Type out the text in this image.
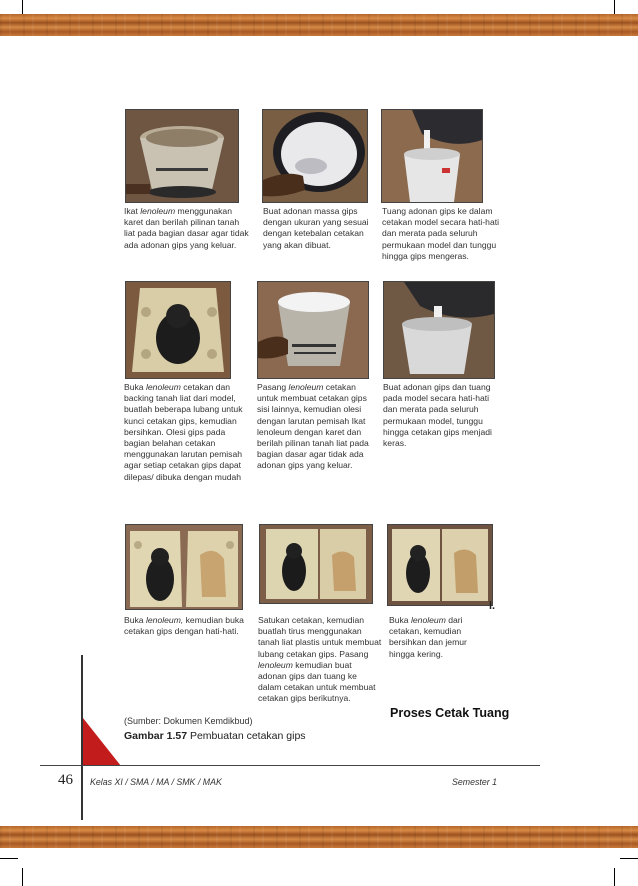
Ikat lenoleum menggunakan karet dan berilah pilinan tanah liat pada bagian dasar agar tidak ada adonan gips yang keluar.
Buat adonan massa gips dengan ukuran yang sesuai dengan ketebalan cetakan yang akan dibuat.
Tuang adonan gips ke dalam cetakan model secara hati-hati dan merata pada seluruh permukaan model dan tunggu hingga gips mengeras.
Buka lenoleum cetakan dan backing tanah liat dari model, buatlah beberapa lubang untuk kunci cetakan gips, kemudian bersihkan. Olesi gips pada bagian belahan cetakan menggunakan larutan pemisah agar setiap cetakan gips dapat dilepas/ dibuka dengan mudah
Pasang lenoleum cetakan untuk membuat cetakan gips sisi lainnya, kemudian olesi dengan larutan pemisah Ikat lenoleum dengan karet dan berilah pilinan tanah liat pada bagian dasar agar tidak ada adonan gips yang keluar.
Buat adonan gips dan tuang pada model secara hati-hati dan merata pada seluruh permukaan model, tunggu hingga cetakan gips menjadi keras.
Buka lenoleum, kemudian buka cetakan gips dengan hati-hati.
Satukan cetakan, kemudian buatlah tirus menggunakan tanah liat plastis untuk membuat lubang cetakan gips. Pasang lenoleum kemudian buat adonan gips dan tuang ke dalam cetakan untuk membuat cetakan gips berikutnya.
Buka lenoleum dari cetakan, kemudian bersihkan dan jemur hingga kering.
l.
Proses Cetak Tuang
(Sumber: Dokumen Kemdikbud)
Gambar 1.57 Pembuatan cetakan gips
46 Kelas XI / SMA / MA / SMK / MAK	Semester 1
